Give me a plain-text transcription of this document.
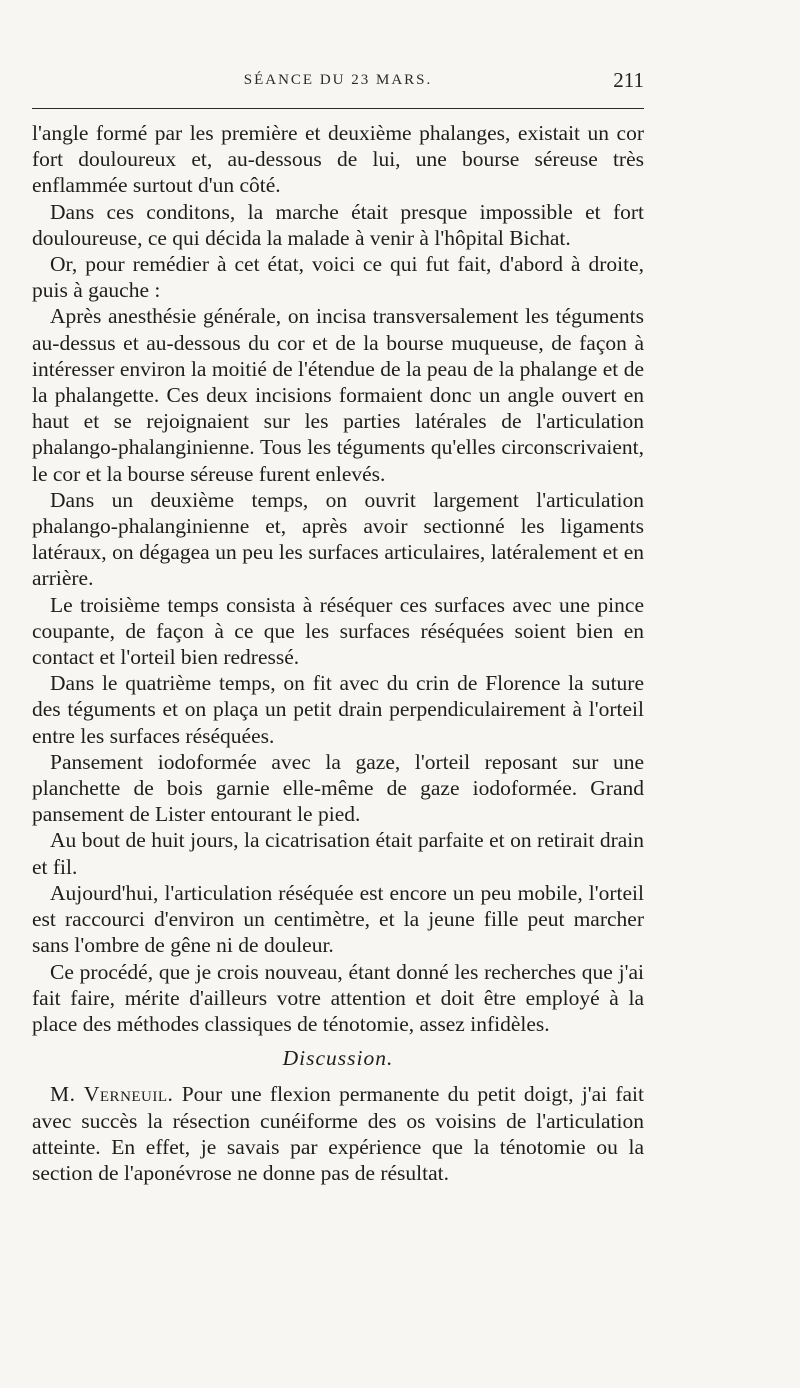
SÉANCE DU 23 MARS.	211

l'angle formé par les première et deuxième phalanges, existait un cor fort douloureux et, au-dessous de lui, une bourse séreuse très enflammée surtout d'un côté.

Dans ces conditons, la marche était presque impossible et fort douloureuse, ce qui décida la malade à venir à l'hôpital Bichat.

Or, pour remédier à cet état, voici ce qui fut fait, d'abord à droite, puis à gauche :

Après anesthésie générale, on incisa transversalement les téguments au-dessus et au-dessous du cor et de la bourse muqueuse, de façon à intéresser environ la moitié de l'étendue de la peau de la phalange et de la phalangette. Ces deux incisions formaient donc un angle ouvert en haut et se rejoignaient sur les parties latérales de l'articulation phalango-phalanginienne. Tous les téguments qu'elles circonscrivaient, le cor et la bourse séreuse furent enlevés.

Dans un deuxième temps, on ouvrit largement l'articulation phalango-phalanginienne et, après avoir sectionné les ligaments latéraux, on dégagea un peu les surfaces articulaires, latéralement et en arrière.

Le troisième temps consista à réséquer ces surfaces avec une pince coupante, de façon à ce que les surfaces réséquées soient bien en contact et l'orteil bien redressé.

Dans le quatrième temps, on fit avec du crin de Florence la suture des téguments et on plaça un petit drain perpendiculairement à l'orteil entre les surfaces réséquées.

Pansement iodoformée avec la gaze, l'orteil reposant sur une planchette de bois garnie elle-même de gaze iodoformée. Grand pansement de Lister entourant le pied.

Au bout de huit jours, la cicatrisation était parfaite et on retirait drain et fil.

Aujourd'hui, l'articulation réséquée est encore un peu mobile, l'orteil est raccourci d'environ un centimètre, et la jeune fille peut marcher sans l'ombre de gêne ni de douleur.

Ce procédé, que je crois nouveau, étant donné les recherches que j'ai fait faire, mérite d'ailleurs votre attention et doit être employé à la place des méthodes classiques de ténotomie, assez infidèles.

Discussion.

M. Verneuil. Pour une flexion permanente du petit doigt, j'ai fait avec succès la résection cunéiforme des os voisins de l'articulation atteinte. En effet, je savais par expérience que la ténotomie ou la section de l'aponévrose ne donne pas de résultat.
